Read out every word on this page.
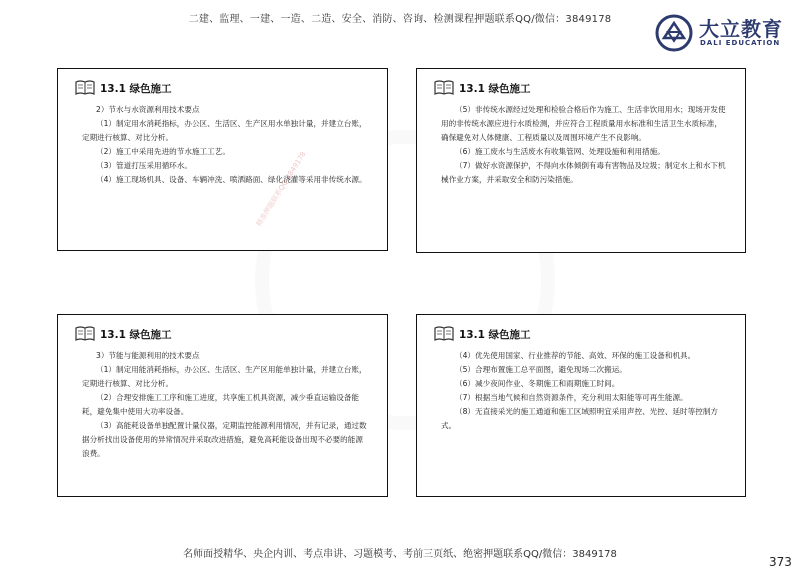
二建、监理、一建、一造、二造、安全、消防、咨询、检测课程押题联系QQ/微信：3849178	大立教育
DALI EDUCATION
13.1 绿色施工

2）节水与水资源利用技术要点

（1）制定用水消耗指标，办公区、生活区、生产区用水单独计量，并建立台账，定期进行核算、对比分析。

（2）施工中采用先进的节水施工工艺。

（3）管道打压采用循环水。

（4）施工现场机具、设备、车辆冲洗、喷洒路面、绿化浇灌等采用非传统水源。

精准押题联系QQ 3849178
13.1 绿色施工

（5）非传统水源经过处理和检验合格后作为施工、生活非饮用用水；现场开发使用的非传统水源应进行水质检测，并应符合工程质量用水标准和生活卫生水质标准，确保避免对人体健康、工程质量以及周围环境产生不良影响。

（6）施工废水与生活废水有收集管网、处理设施和利用措施。

（7）做好水资源保护，不得向水体倾倒有毒有害物品及垃圾；制定水上和水下机械作业方案，并采取安全和防污染措施。

13.1 绿色施工

3）节能与能源利用的技术要点

（1）制定用能消耗指标，办公区、生活区、生产区用能单独计量，并建立台账，定期进行核算、对比分析。

（2）合理安排施工工序和施工进度，共享施工机具资源，减少垂直运输设备能耗，避免集中使用大功率设备。

（3）高能耗设备单独配置计量仪器，定期监控能源利用情况，并有记录，通过数据分析找出设备使用的异常情况并采取改进措施，避免高耗能设备出现不必要的能源浪费。

13.1 绿色施工

（4）优先使用国家、行业推荐的节能、高效、环保的施工设备和机具。

（5）合理布置施工总平面图，避免现场二次搬运。

（6）减少夜间作业、冬期施工和雨期施工时间。

（7）根据当地气候和自然资源条件，充分利用太阳能等可再生能源。

（8）无直接采光的施工通道和施工区域照明宜采用声控、光控、延时等控制方式。

名师面授精华、央企内训、考点串讲、习题模考、考前三页纸、绝密押题联系QQ/微信：3849178
373
